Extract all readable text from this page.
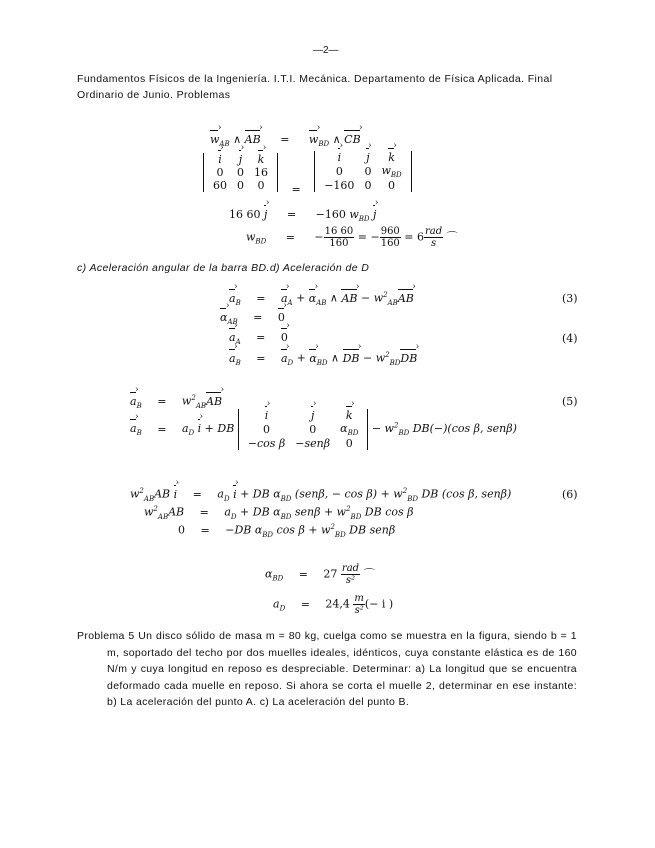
—2—
Fundamentos Físicos de la Ingeniería. I.T.I. Mecánica. Departamento de Física Aplicada. Final
Ordinario de Junio. Problemas
w $›_{AB}$ ∧ AB › = w $›_{BD}$ ∧ CB ›
i ›	j ›	k ›
0	0	16
60	0	0 =
i ›	j ›	k ›
0	0	$w_{BD}$
−160	0	0
16 60 j › = −160 $w_{BD}$ j ›
$w_{BD}$ = − $\frac{16 60}{160}$ = − $\frac{960}{160} = 6 \frac{\text{rad}}{s}$ ⌒
c) Aceleración angular de la barra BD.d) Aceleración de D
a $›_B = a$ $›_A + \alpha$ $›_{AB}$ ∧ AB › − $w^2_{AB}AB$ ›	(3)
α $›_{AB} = 0$ ›
a $›_A = 0$ ›	(4)
a $›_B = a$ $›_D + \alpha$ $›_{BD}$ ∧ DB › − $w^2_{BD}DB$ ›
a $›_B = w^2_{AB}AB$ ›	(5)
a $›_B = a_D$ i › + DB
i ›	j ›	k ›
0	0	$\alpha_{BD}$
−cos β	−senβ	0
− $w^2_{BD}$ DB(−)(cos β, senβ)
$w^2_{AB}AB$ i › = $a_D$ i › + DB $\alpha_{BD}$ (senβ, − $\cos \beta) + w^2_{BD}$ DB (cos β, senβ)	(6)
$w^2_{AB}AB = a_D$ + DB $\alpha_{BD}$ $sen\beta + w^2_{BD}$ DB cos β
0 = −DB $\alpha_{BD}$ $\cos \beta + w^2_{BD}$ DB senβ
$\alpha_{BD} = 27 \frac{\text{rad}}{\text{s²}}$ ⌒
$a_D = 24,4 \frac{m}{\text{s²}}$ (− i )
Problema 5 Un disco sólido de masa m = 80 kg, cuelga como se muestra en la figura, siendo b = 1 m, soportado del techo por dos muelles ideales, idénticos, cuya constante elástica es de 160 N/m y cuya longitud en reposo es despreciable. Determinar: a) La longitud que se encuentra deformado cada muelle en reposo. Si ahora se corta el muelle 2, determinar en ese instante: b) La aceleración del punto A. c) La aceleración del punto B.
